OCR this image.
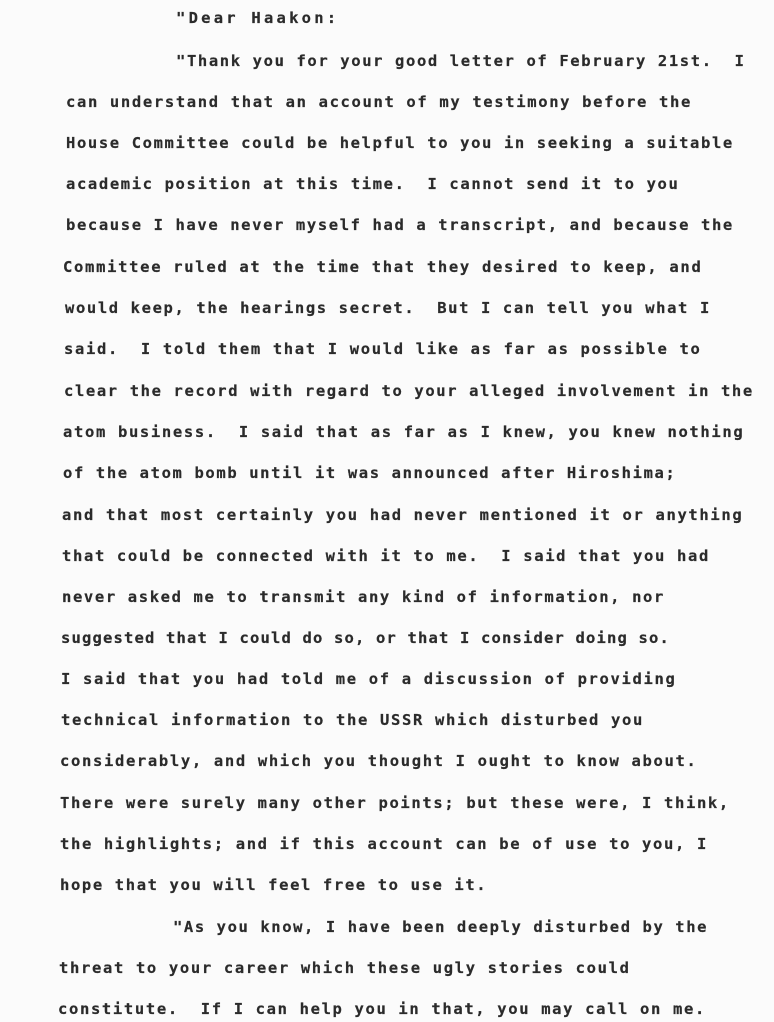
"Dear Haakon:
"Thank you for your good letter of February 21st.  I
can understand that an account of my testimony before the
House Committee could be helpful to you in seeking a suitable
academic position at this time.  I cannot send it to you
because I have never myself had a transcript, and because the
Committee ruled at the time that they desired to keep, and
would keep, the hearings secret.  But I can tell you what I
said.  I told them that I would like as far as possible to
clear the record with regard to your alleged involvement in the
atom business.  I said that as far as I knew, you knew nothing
of the atom bomb until it was announced after Hiroshima;
and that most certainly you had never mentioned it or anything
that could be connected with it to me.  I said that you had
never asked me to transmit any kind of information, nor
suggested that I could do so, or that I consider doing so.
I said that you had told me of a discussion of providing
technical information to the USSR which disturbed you
considerably, and which you thought I ought to know about.
There were surely many other points; but these were, I think,
the highlights; and if this account can be of use to you, I
hope that you will feel free to use it.
"As you know, I have been deeply disturbed by the
threat to your career which these ugly stories could
constitute.  If I can help you in that, you may call on me.
